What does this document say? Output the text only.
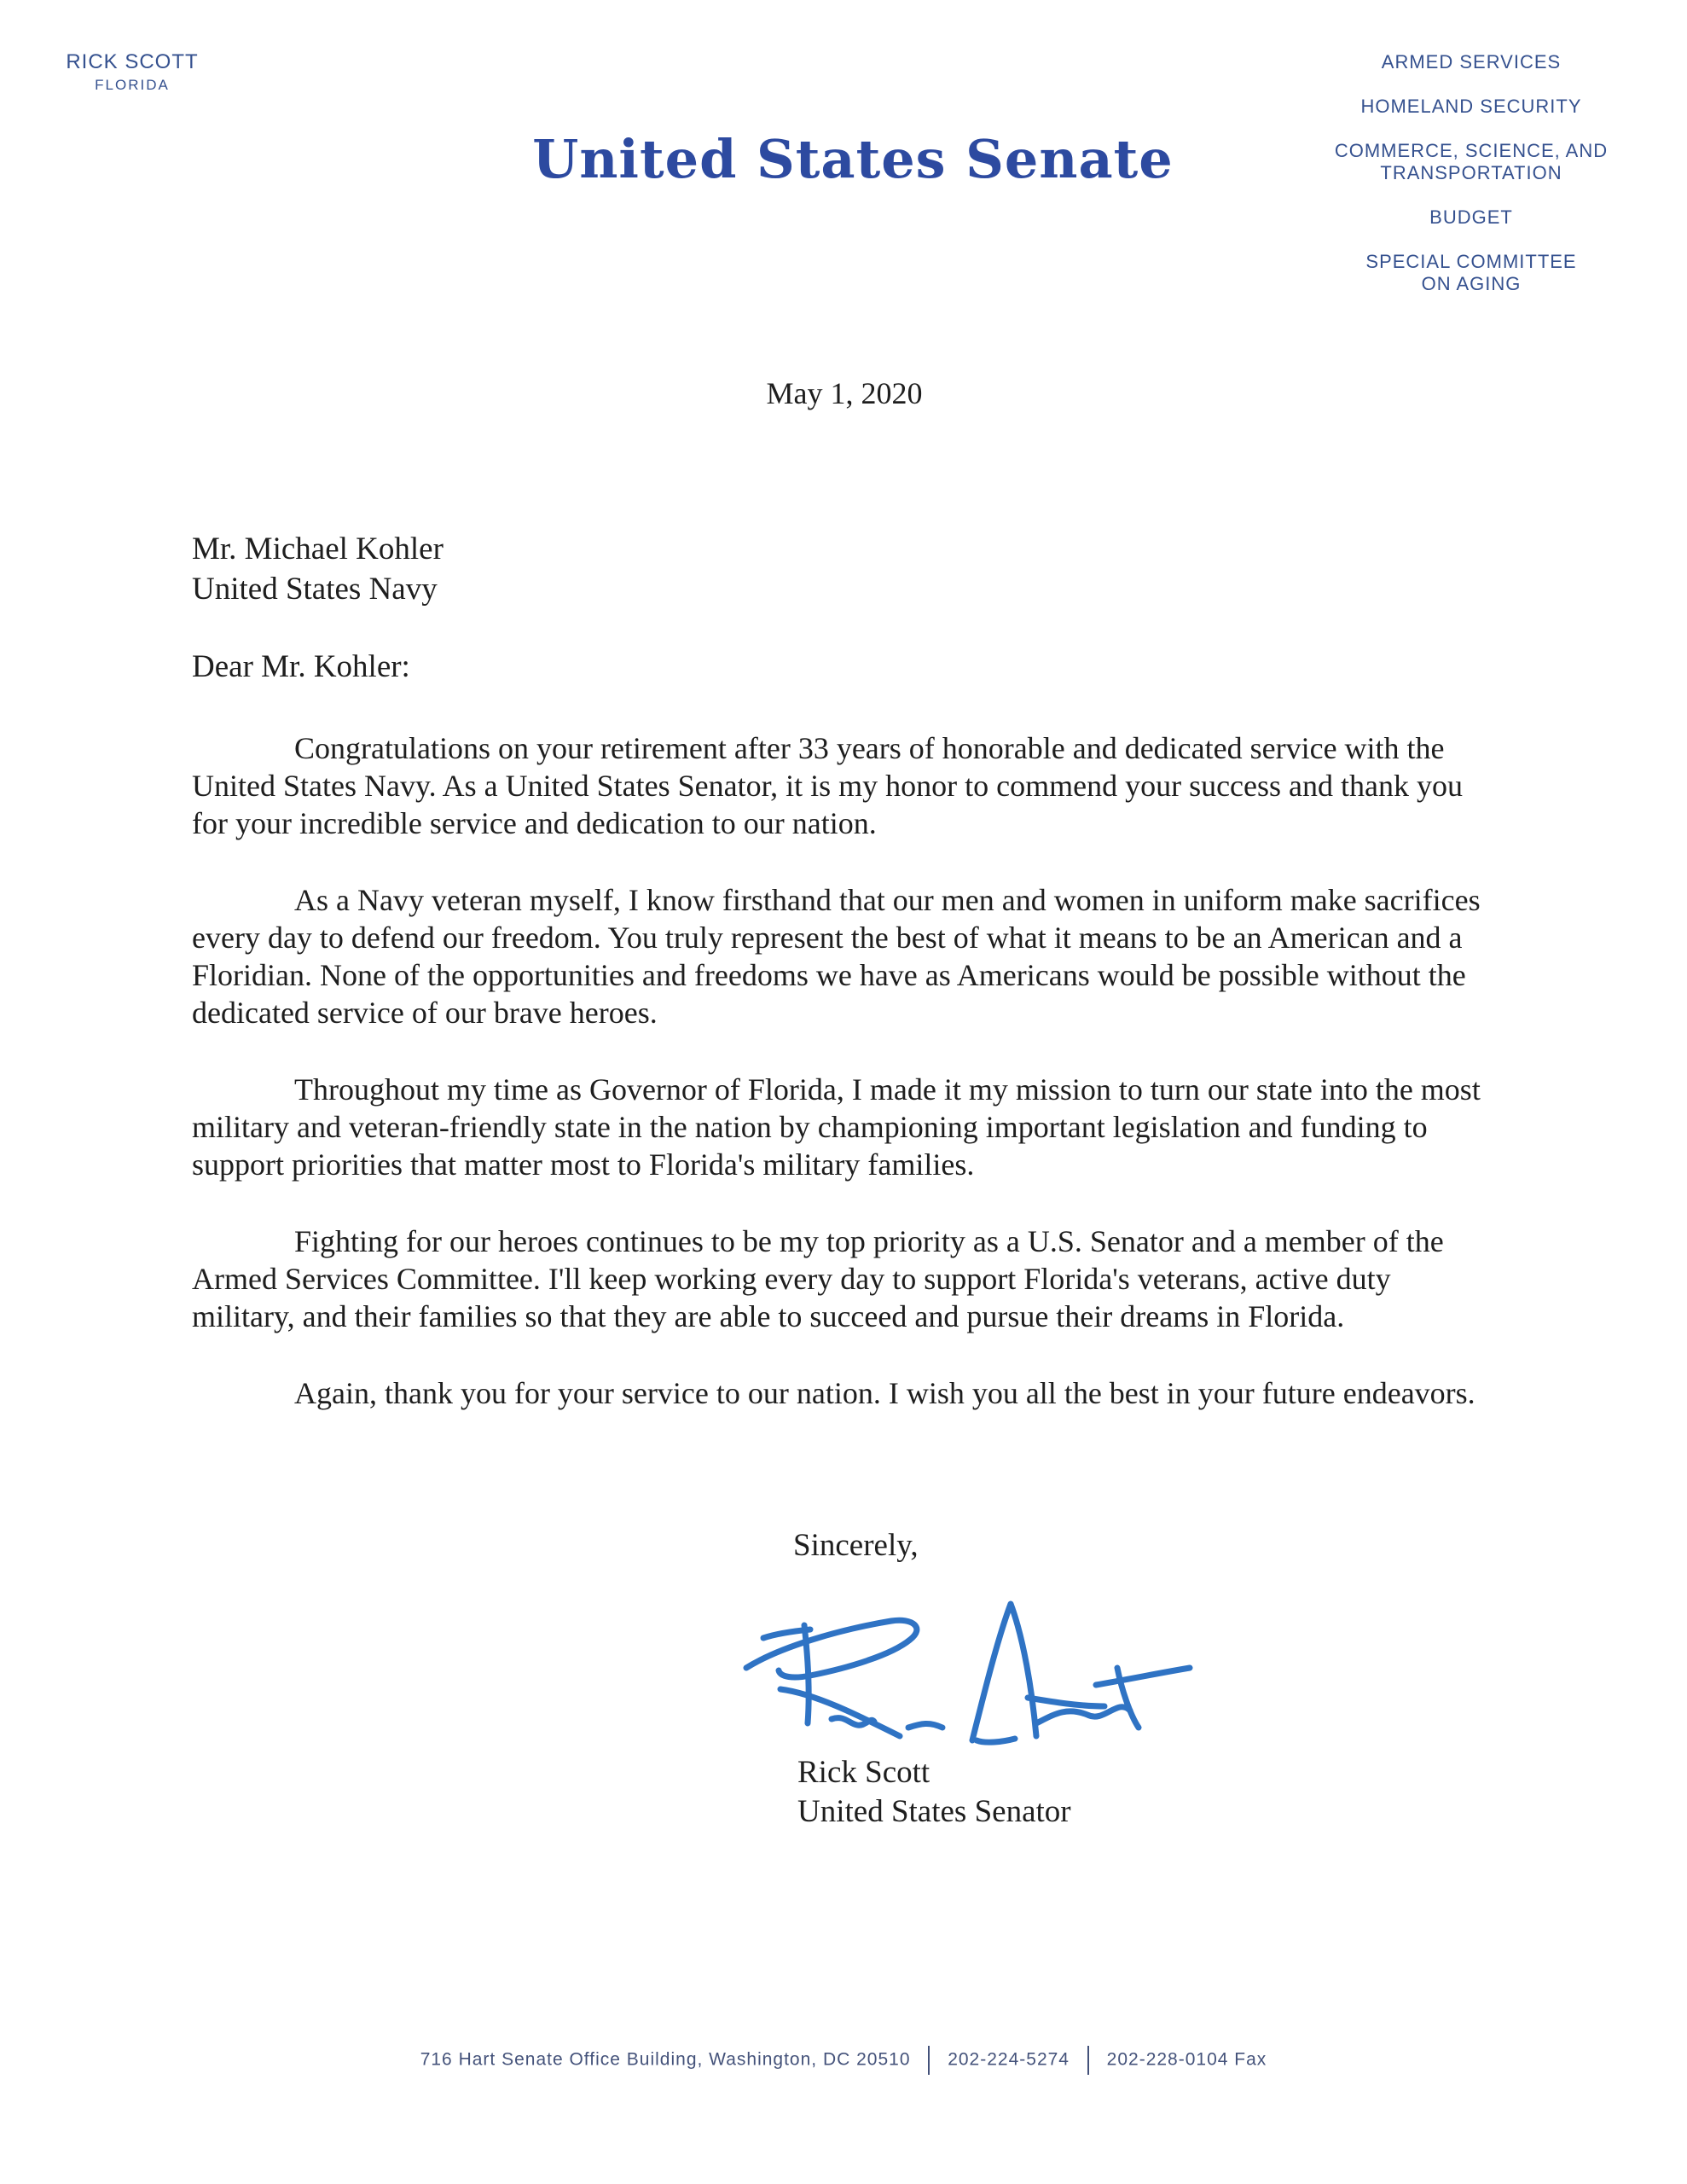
RICK SCOTT
FLORIDA
United States Senate
ARMED SERVICES
HOMELAND SECURITY
COMMERCE, SCIENCE, AND
TRANSPORTATION
BUDGET
SPECIAL COMMITTEE
ON AGING
May 1, 2020
Mr. Michael Kohler
United States Navy
Dear Mr. Kohler:

Congratulations on your retirement after 33 years of honorable and dedicated service with the United States Navy. As a United States Senator, it is my honor to commend your success and thank you for your incredible service and dedication to our nation.

As a Navy veteran myself, I know firsthand that our men and women in uniform make sacrifices every day to defend our freedom. You truly represent the best of what it means to be an American and a Floridian. None of the opportunities and freedoms we have as Americans would be possible without the dedicated service of our brave heroes.

Throughout my time as Governor of Florida, I made it my mission to turn our state into the most military and veteran-friendly state in the nation by championing important legislation and funding to support priorities that matter most to Florida's military families.

Fighting for our heroes continues to be my top priority as a U.S. Senator and a member of the Armed Services Committee. I'll keep working every day to support Florida's veterans, active duty military, and their families so that they are able to succeed and pursue their dreams in Florida.

Again, thank you for your service to our nation. I wish you all the best in your future endeavors.

Sincerely,
Rick Scott
United States Senator
716 Hart Senate Office Building, Washington, DC 20510 202-224-5274 202-228-0104 Fax
